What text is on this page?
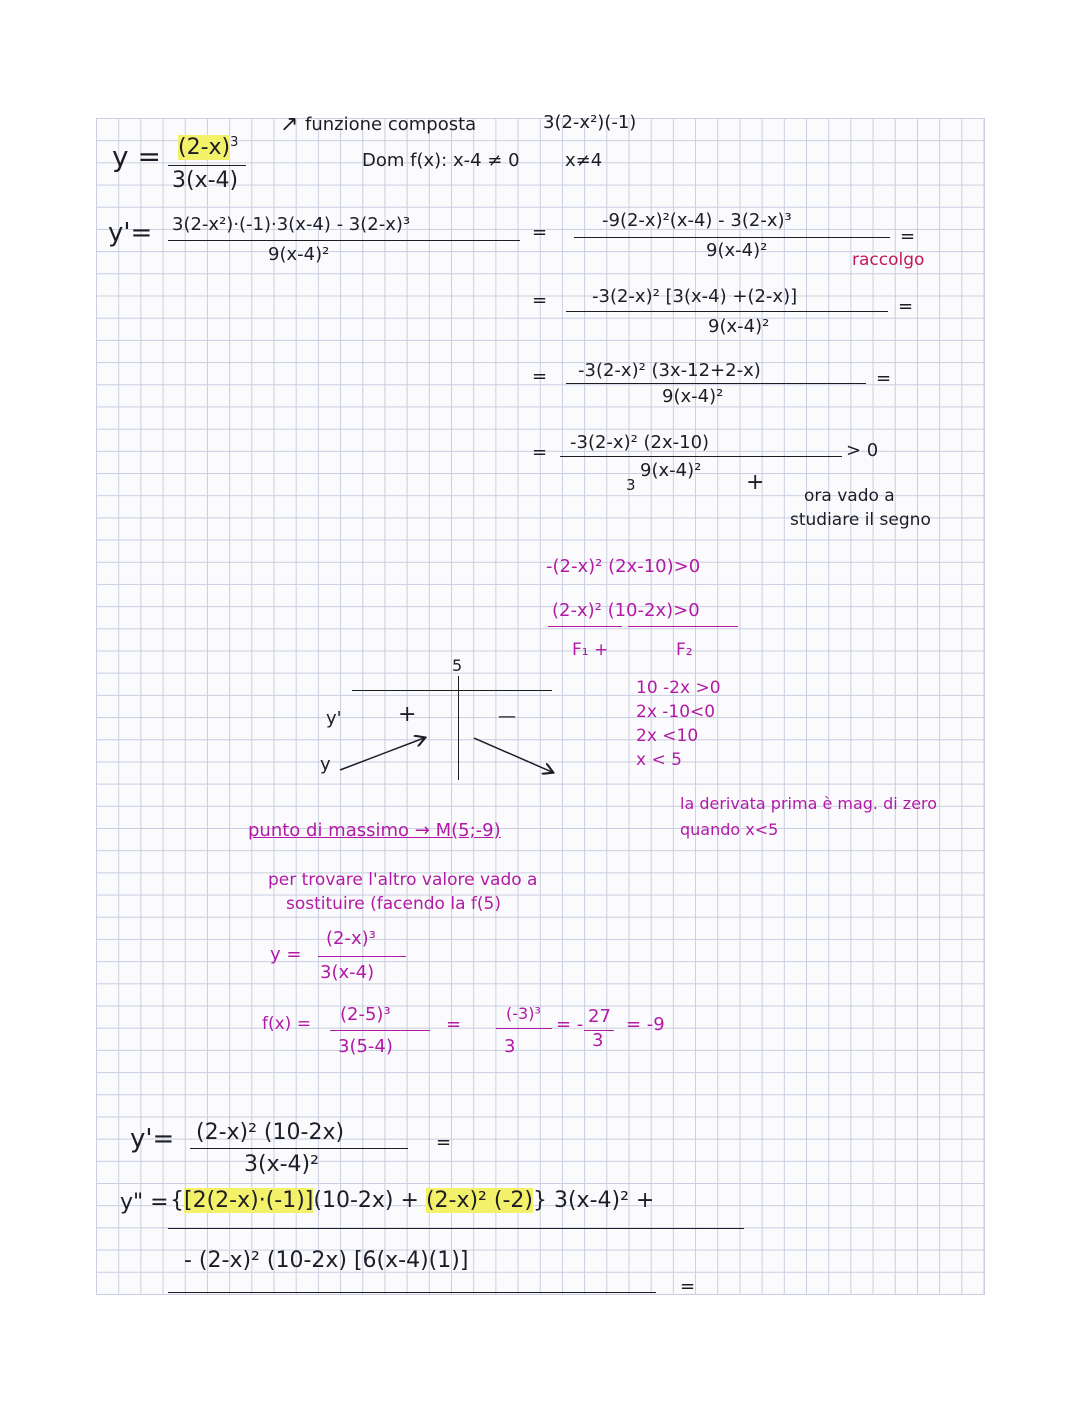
$y = (2-x)^3$
3(x-4)
↗ funzione composta	3(2-x²)(-1)
Dom f(x): x-4 ≠ 0	x≠4
y'= 3(2-x²)·(-1)·3(x-4) - 3(2-x)³
9(x-4)²
=
-9(2-x)²(x-4) - 3(2-x)³
9(x-4)²
=
raccolgo
= -3(2-x)² [3(x-4) +(2-x)]
9(x-4)²
=
= -3(2-x)² (3x-12+2-x)
9(x-4)²
=
= -3(2-x)² (2x-10)
3
9(x-4)² +
> 0
ora vado a
studiare il segno
-(2-x)² (2x-10)>0
(2-x)² (10-2x)>0
F₁ +	F₂
10 -2x >0
2x -10<0
2x <10
x < 5
la derivata prima è mag. di zero
quando x<5
5
y'
y
+	—
punto di massimo → M(5;-9)
per trovare l'altro valore vado a
sostituire (facendo la f(5)
y =
(2-x)³
3(x-4)
f(x) = (2-5)³
3(5-4)
=
(-3)³
3
= - 27
3
= -9
y'= (2-x)² (10-2x)
3(x-4)²
=
y" = {[2(2-x)·(-1)](10-2x) + (2-x)² (-2)} 3(x-4)² +
- (2-x)² (10-2x) [6(x-4)(1)]
=
